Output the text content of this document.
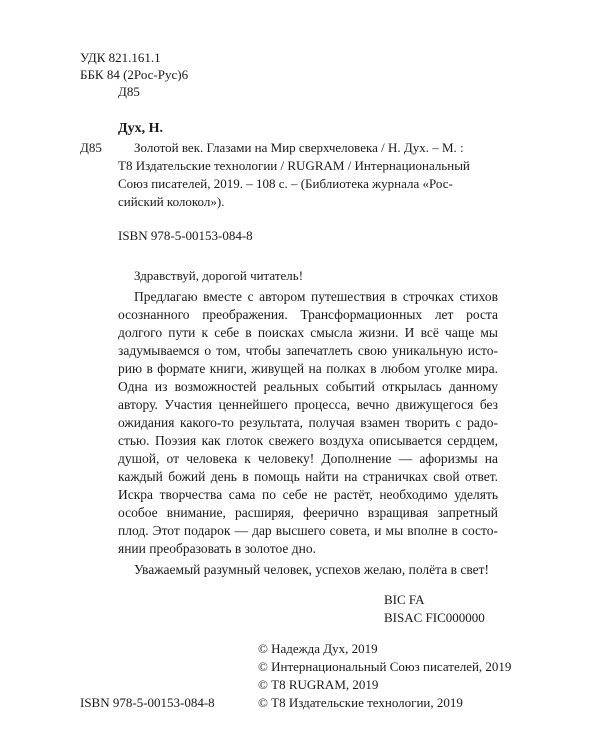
УДК 821.161.1
ББК 84 (2Рос-Рус)6
Д85
Дух, Н.
Д85 Золотой век. Глазами на Мир сверхчеловека / Н. Дух. – М. :
Т8 Издательские технологии / RUGRAM / Интернациональный
Союз писателей, 2019. – 108 с. – (Библиотека журнала «Рос-
сийский колокол»).
ISBN 978-5-00153-084-8
Здравствуй, дорогой читатель!
Предлагаю вместе с автором путешествия в строчках стихов
осознанного преображения. Трансформационных лет роста
долгого пути к себе в поисках смысла жизни. И всё чаще мы
задумываемся о том, чтобы запечатлеть свою уникальную исто-
рию в формате книги, живущей на полках в любом уголке мира.
Одна из возможностей реальных событий открылась данному
автору. Участия ценнейшего процесса, вечно движущегося без
ожидания какого-то результата, получая взамен творить с радо-
стью. Поэзия как глоток свежего воздуха описывается сердцем,
душой, от человека к человеку! Дополнение — афоризмы на
каждый божий день в помощь найти на страничках свой ответ.
Искра творчества сама по себе не растёт, необходимо уделять
особое внимание, расширяя, феерично взращивая запретный
плод. Этот подарок — дар высшего совета, и мы вполне в состо-
янии преобразовать в золотое дно.
Уважаемый разумный человек, успехов желаю, полёта в свет!
BIC FA
BISAC FIC000000
© Надежда Дух, 2019
© Интернациональный Союз писателей, 2019
© Т8 RUGRAM, 2019
ISBN 978-5-00153-084-8	© Т8 Издательские технологии, 2019
